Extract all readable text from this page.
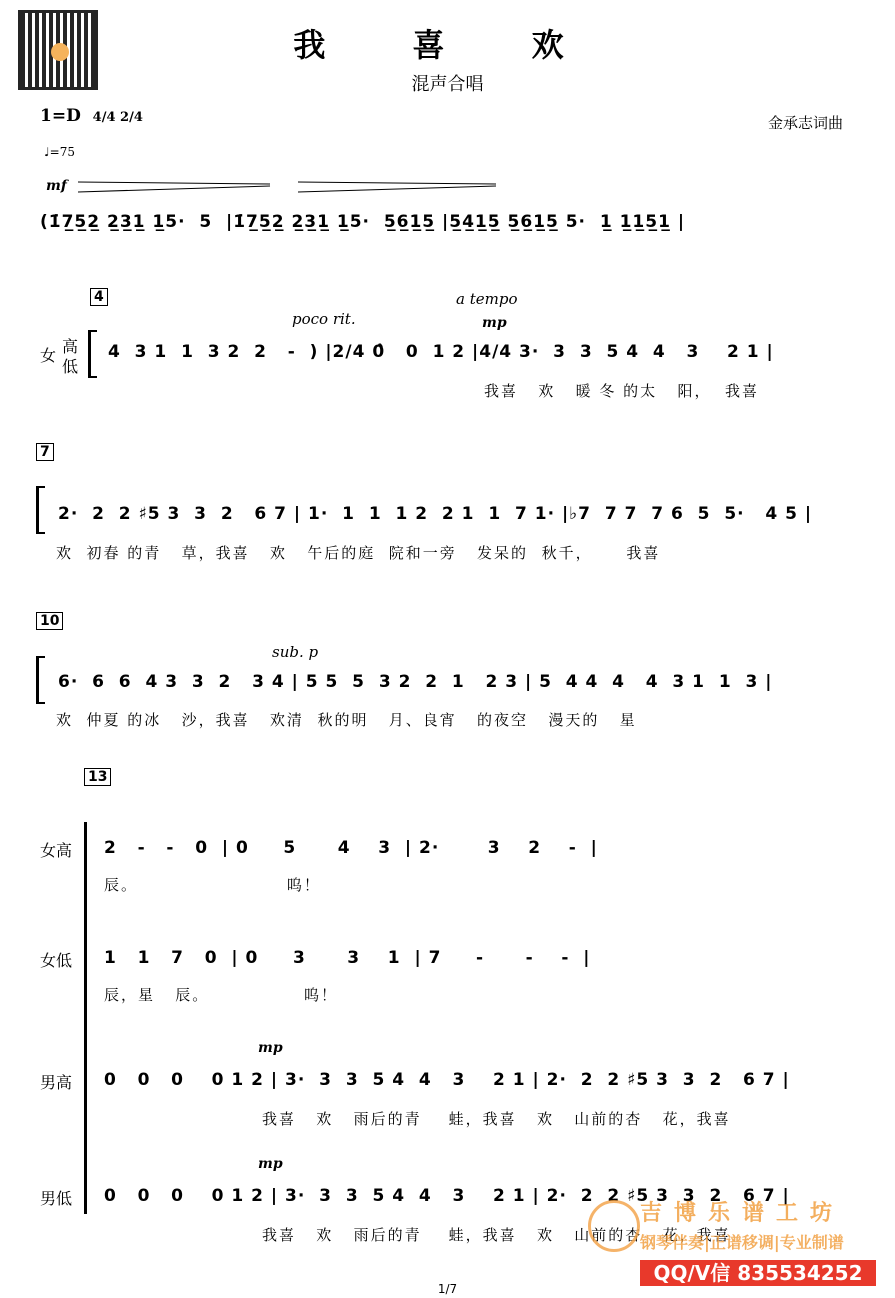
我 喜 欢
混声合唱
1=D 4/4 2/4	金承志词曲
♩=75
mf
(1̇7̲5̲2̲ 2̲3̲1̲ 1̲5·  5  |1̇7̲5̲2̲ 2̲3̲1̲ 1̲5·  5̲6̲1̲5̲ |5̲4̲1̲5̲ 5̲6̲1̲5̲ 5·  1̲ 1̲1̲5̲1̲ |
4
poco rit.
a tempo
mp
高
女
低
4  3 1  1  3 2  2   -  ) |2/4 0̂   0  1 2 |4/4 3·  3  3  5 4  4   3    2 1 |
我喜   欢   暖 冬 的太   阳，  我喜
7
2·  2  2 ♯5 3  3  2   6 7 | 1·  1  1  1 2  2 1  1  7 1· |♭7  7 7  7 6  5  5·   4 5 |
欢  初春 的青   草，我喜   欢   午后的庭  院和一旁   发呆的  秋千，     我喜
10
sub. p
6·  6  6  4 3  3  2   3 4 | 5 5  5  3 2  2  1   2 3 | 5  4 4  4   4  3 1  1  3 |
欢  仲夏 的冰   沙，我喜   欢清  秋的明   月、良宵   的夜空   漫天的   星
13
女高 2   -   -   0  | 0     5      4    3  | 2·       3    2    -  |
辰。                      呜！
女低 1   1   7   0  | 0     3      3    1  | 7     -      -    -  |
辰，星   辰。              呜！
mp
男高 0   0   0    0 1 2 | 3·  3  3  5 4  4   3    2 1 | 2·  2  2 ♯5 3  3  2   6 7 |
我喜   欢   雨后的青    蛙，我喜   欢   山前的杏   花，我喜
mp
男低 0   0   0    0 1 2 | 3·  3  3  5 4  4   3    2 1 | 2·  2  2 ♯5 3  3  2   6 7 |
我喜   欢   雨后的青    蛙，我喜   欢   山前的杏   花，我喜
吉博乐谱工坊
钢琴伴奏|正谱移调|专业制谱
QQ/V信 835534252
1/7
